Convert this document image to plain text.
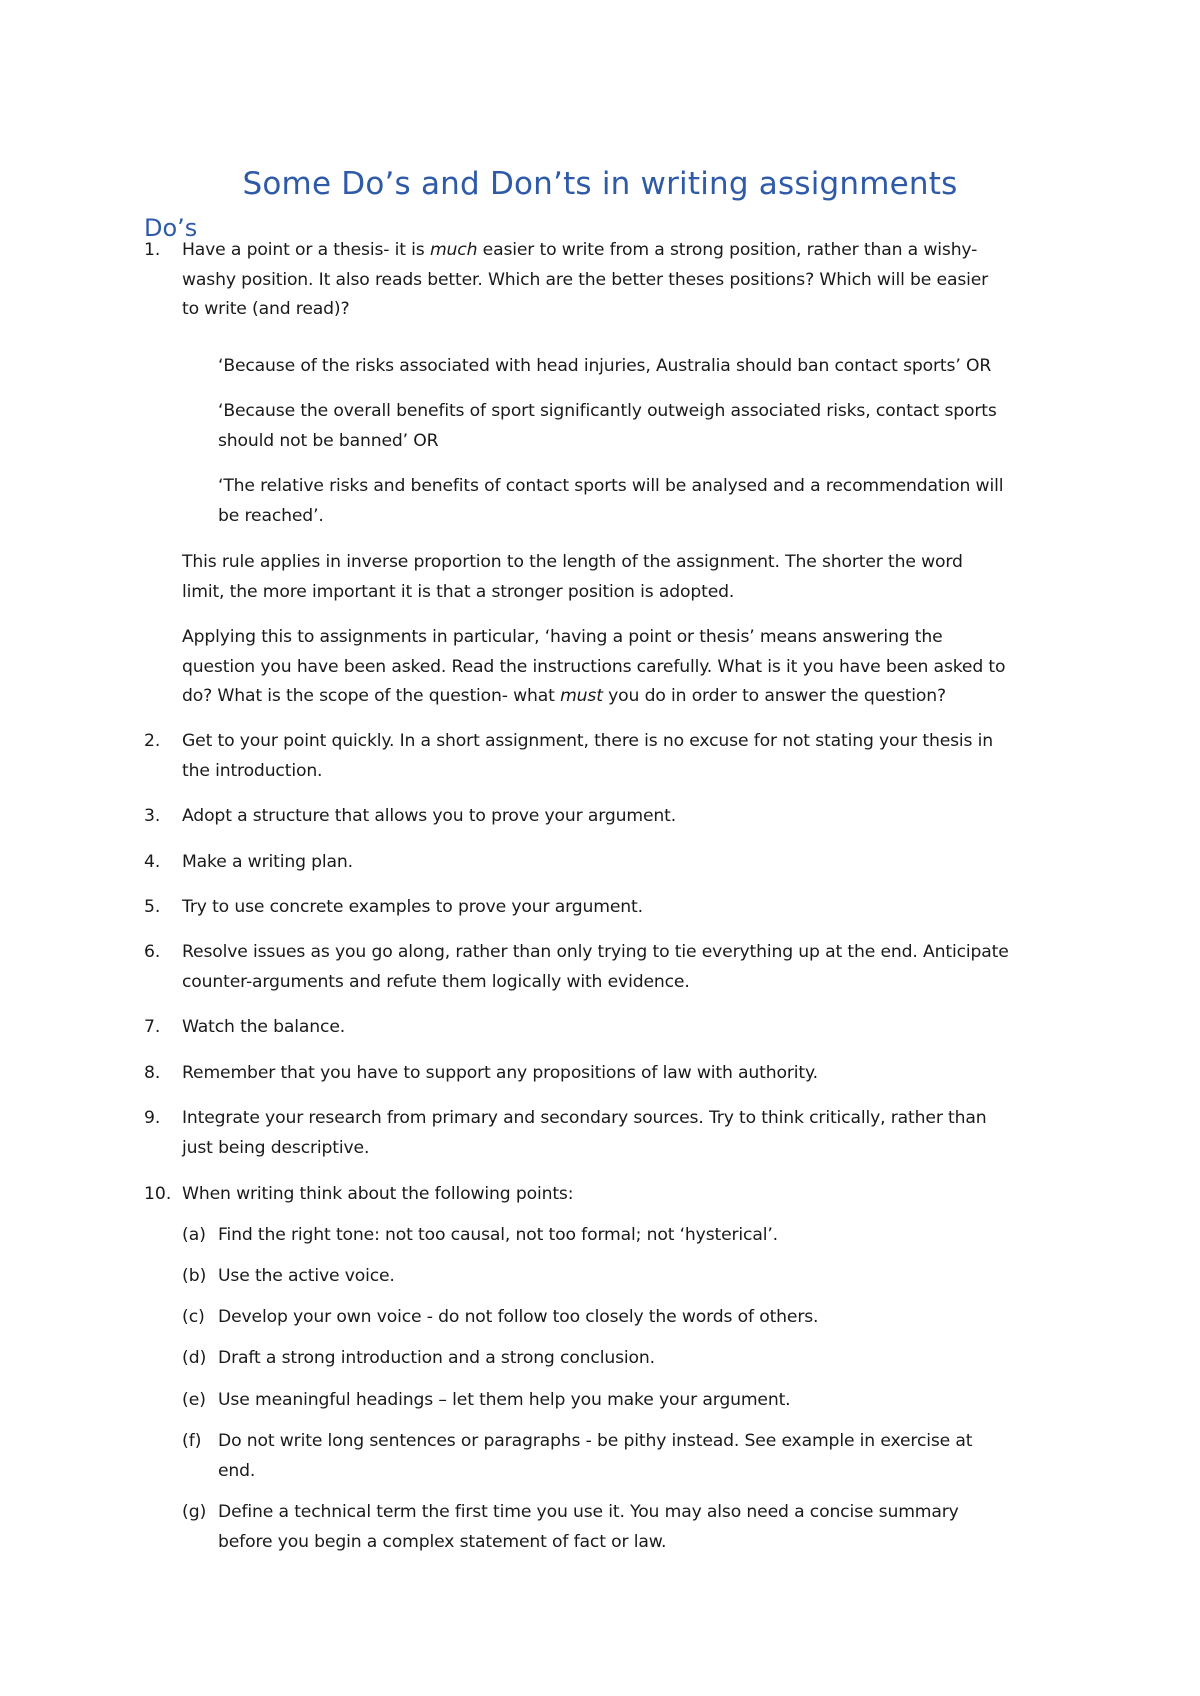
Some Do’s and Don’ts in writing assignments
Do’s
1. Have a point or a thesis- it is much easier to write from a strong position, rather than a wishy-
washy position. It also reads better. Which are the better theses positions? Which will be easier
to write (and read)?
‘Because of the risks associated with head injuries, Australia should ban contact sports’ OR
‘Because the overall benefits of sport significantly outweigh associated risks, contact sports
should not be banned’ OR
‘The relative risks and benefits of contact sports will be analysed and a recommendation will
be reached’.
This rule applies in inverse proportion to the length of the assignment. The shorter the word
limit, the more important it is that a stronger position is adopted.
Applying this to assignments in particular, ‘having a point or thesis’ means answering the
question you have been asked. Read the instructions carefully. What is it you have been asked to
do? What is the scope of the question- what must you do in order to answer the question?
2. Get to your point quickly. In a short assignment, there is no excuse for not stating your thesis in
the introduction.
3. Adopt a structure that allows you to prove your argument.
4. Make a writing plan.
5. Try to use concrete examples to prove your argument.
6. Resolve issues as you go along, rather than only trying to tie everything up at the end. Anticipate
counter-arguments and refute them logically with evidence.
7. Watch the balance.
8. Remember that you have to support any propositions of law with authority.
9. Integrate your research from primary and secondary sources. Try to think critically, rather than
just being descriptive.
10. When writing think about the following points:
(a) Find the right tone: not too causal, not too formal; not ‘hysterical’.
(b) Use the active voice.
(c) Develop your own voice - do not follow too closely the words of others.
(d) Draft a strong introduction and a strong conclusion.
(e) Use meaningful headings – let them help you make your argument.
(f) Do not write long sentences or paragraphs - be pithy instead. See example in exercise at
end.
(g) Define a technical term the first time you use it. You may also need a concise summary
before you begin a complex statement of fact or law.
